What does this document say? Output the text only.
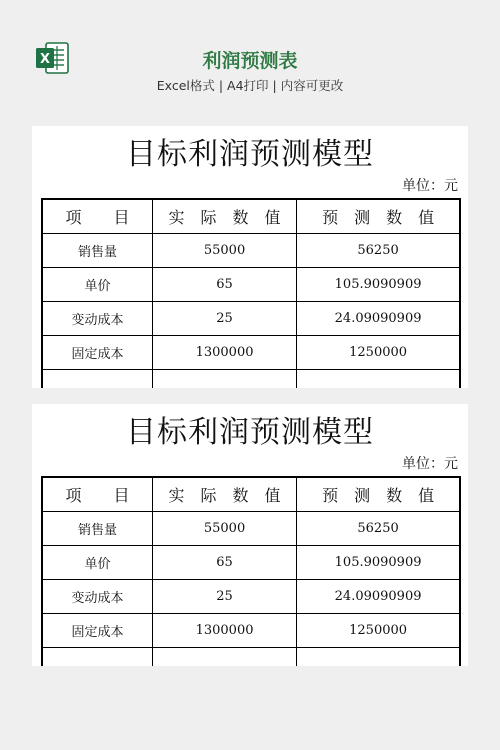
X	利润预测表
Excel格式 | A4打印 | 内容可更改
目标利润预测模型
单位：元
项　　目	实　际　数　值	预　测　数　值
销售量	55000	56250
单价	65	105.9090909
变动成本	25	24.09090909
固定成本	1300000	1250000

目标利润预测模型
单位：元
项　　目	实　际　数　值	预　测　数　值
销售量	55000	56250
单价	65	105.9090909
变动成本	25	24.09090909
固定成本	1300000	1250000
